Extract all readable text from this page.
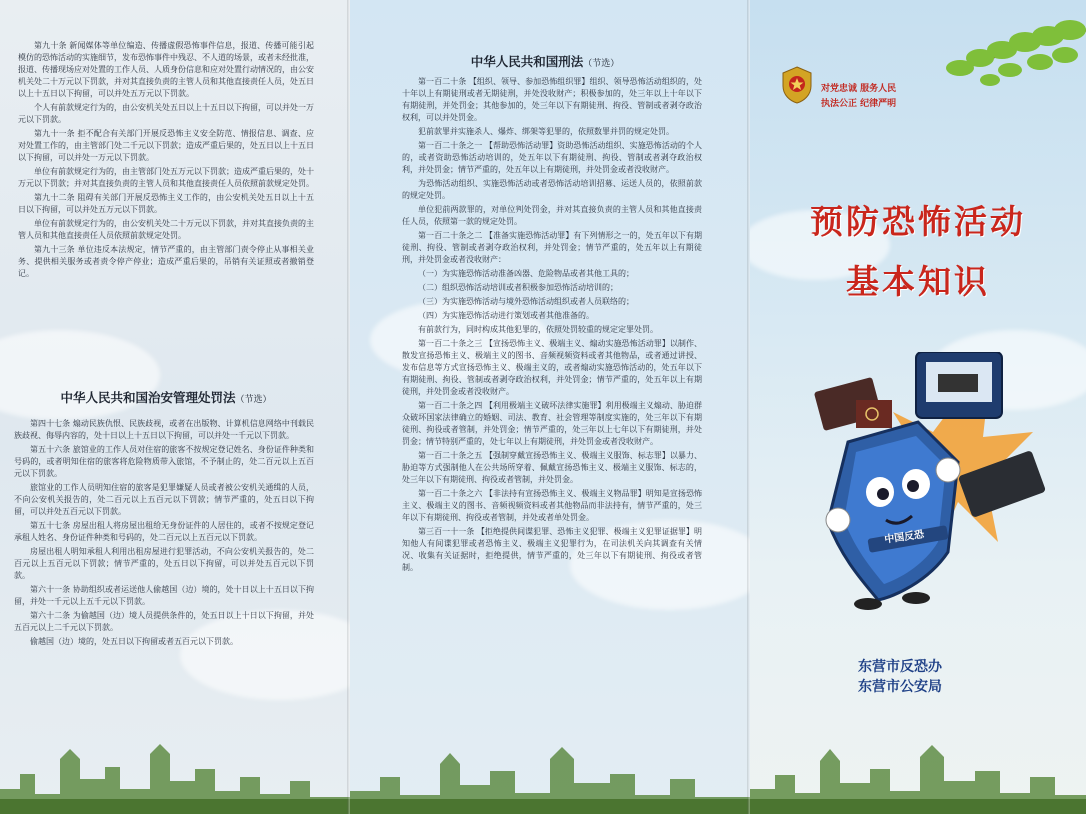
第九十条 新闻媒体等单位编造、传播虚假恐怖事件信息，报道、传播可能引起模仿的恐怖活动的实施细节，发布恐怖事件中残忍、不人道的场景，或者未经批准，报道、传播现场应对处置的工作人员、人质身份信息和应对处置行动情况的，由公安机关处二十万元以下罚款，并对其直接负责的主管人员和其他直接责任人员，处五日以上十五日以下拘留，可以并处五万元以下罚款。

个人有前款规定行为的，由公安机关处五日以上十五日以下拘留，可以并处一万元以下罚款。

第九十一条 拒不配合有关部门开展反恐怖主义安全防范、情报信息、调查、应对处置工作的，由主管部门处二千元以下罚款；造成严重后果的，处五日以上十五日以下拘留，可以并处一万元以下罚款。

单位有前款规定行为的，由主管部门处五万元以下罚款；造成严重后果的，处十万元以下罚款；并对其直接负责的主管人员和其他直接责任人员依照前款规定处罚。

第九十二条 阻碍有关部门开展反恐怖主义工作的，由公安机关处五日以上十五日以下拘留，可以并处五万元以下罚款。

单位有前款规定行为的，由公安机关处二十万元以下罚款，并对其直接负责的主管人员和其他直接责任人员依照前款规定处罚。

第九十三条 单位违反本法规定，情节严重的，由主管部门责令停止从事相关业务、提供相关服务或者责令停产停业；造成严重后果的，吊销有关证照或者撤销登记。

中华人民共和国治安管理处罚法（节选）

第四十七条 煽动民族仇恨、民族歧视，或者在出版物、计算机信息网络中刊载民族歧视、侮辱内容的，处十日以上十五日以下拘留，可以并处一千元以下罚款。

第五十六条 旅馆业的工作人员对住宿的旅客不按规定登记姓名、身份证件种类和号码的，或者明知住宿的旅客将危险物质带入旅馆，不予制止的，处二百元以上五百元以下罚款。

旅馆业的工作人员明知住宿的旅客是犯罪嫌疑人员或者被公安机关通缉的人员，不向公安机关报告的，处二百元以上五百元以下罚款；情节严重的，处五日以下拘留，可以并处五百元以下罚款。

第五十七条 房屋出租人将房屋出租给无身份证件的人居住的，或者不按规定登记承租人姓名、身份证件种类和号码的，处二百元以上五百元以下罚款。

房屋出租人明知承租人利用出租房屋进行犯罪活动，不向公安机关报告的，处二百元以上五百元以下罚款；情节严重的，处五日以下拘留，可以并处五百元以下罚款。

第六十一条 协助组织或者运送他人偷越国（边）境的，处十日以上十五日以下拘留，并处一千元以上五千元以下罚款。

第六十二条 为偷越国（边）境人员提供条件的，处五日以上十日以下拘留，并处五百元以上二千元以下罚款。

偷越国（边）境的，处五日以下拘留或者五百元以下罚款。

中华人民共和国刑法（节选）

第一百二十条 【组织、领导、参加恐怖组织罪】组织、领导恐怖活动组织的，处十年以上有期徒刑或者无期徒刑，并处没收财产；积极参加的，处三年以上十年以下有期徒刑，并处罚金；其他参加的，处三年以下有期徒刑、拘役、管制或者剥夺政治权利，可以并处罚金。

犯前款罪并实施杀人、爆炸、绑架等犯罪的，依照数罪并罚的规定处罚。

第一百二十条之一 【帮助恐怖活动罪】资助恐怖活动组织、实施恐怖活动的个人的，或者资助恐怖活动培训的，处五年以下有期徒刑、拘役、管制或者剥夺政治权利，并处罚金；情节严重的，处五年以上有期徒刑，并处罚金或者没收财产。

为恐怖活动组织、实施恐怖活动或者恐怖活动培训招募、运送人员的，依照前款的规定处罚。

单位犯前两款罪的，对单位判处罚金，并对其直接负责的主管人员和其他直接责任人员，依照第一款的规定处罚。

第一百二十条之二 【准备实施恐怖活动罪】有下列情形之一的，处五年以下有期徒刑、拘役、管制或者剥夺政治权利，并处罚金；情节严重的，处五年以上有期徒刑，并处罚金或者没收财产：

（一）为实施恐怖活动准备凶器、危险物品或者其他工具的；

（二）组织恐怖活动培训或者积极参加恐怖活动培训的；

（三）为实施恐怖活动与境外恐怖活动组织或者人员联络的；

（四）为实施恐怖活动进行策划或者其他准备的。

有前款行为，同时构成其他犯罪的，依照处罚较重的规定定罪处罚。

第一百二十条之三 【宣扬恐怖主义、极端主义、煽动实施恐怖活动罪】以制作、散发宣扬恐怖主义、极端主义的图书、音频视频资料或者其他物品，或者通过讲授、发布信息等方式宣扬恐怖主义、极端主义的，或者煽动实施恐怖活动的，处五年以下有期徒刑、拘役、管制或者剥夺政治权利，并处罚金；情节严重的，处五年以上有期徒刑，并处罚金或者没收财产。

第一百二十条之四 【利用极端主义破坏法律实施罪】利用极端主义煽动、胁迫群众破坏国家法律确立的婚姻、司法、教育、社会管理等制度实施的，处三年以下有期徒刑、拘役或者管制，并处罚金；情节严重的，处三年以上七年以下有期徒刑，并处罚金；情节特别严重的，处七年以上有期徒刑，并处罚金或者没收财产。

第一百二十条之五 【强制穿戴宣扬恐怖主义、极端主义服饰、标志罪】以暴力、胁迫等方式强制他人在公共场所穿着、佩戴宣扬恐怖主义、极端主义服饰、标志的，处三年以下有期徒刑、拘役或者管制，并处罚金。

第一百二十条之六 【非法持有宣扬恐怖主义、极端主义物品罪】明知是宣扬恐怖主义、极端主义的图书、音频视频资料或者其他物品而非法持有，情节严重的，处三年以下有期徒刑、拘役或者管制，并处或者单处罚金。

第三百一十一条 【拒绝提供间谍犯罪、恐怖主义犯罪、极端主义犯罪证据罪】明知他人有间谍犯罪或者恐怖主义、极端主义犯罪行为，在司法机关向其调查有关情况、收集有关证据时，拒绝提供，情节严重的，处三年以下有期徒刑、拘役或者管制。

对党忠诚 服务人民
执法公正 纪律严明
预防恐怖活动
基本知识
中国反恐
东营市反恐办
东营市公安局
